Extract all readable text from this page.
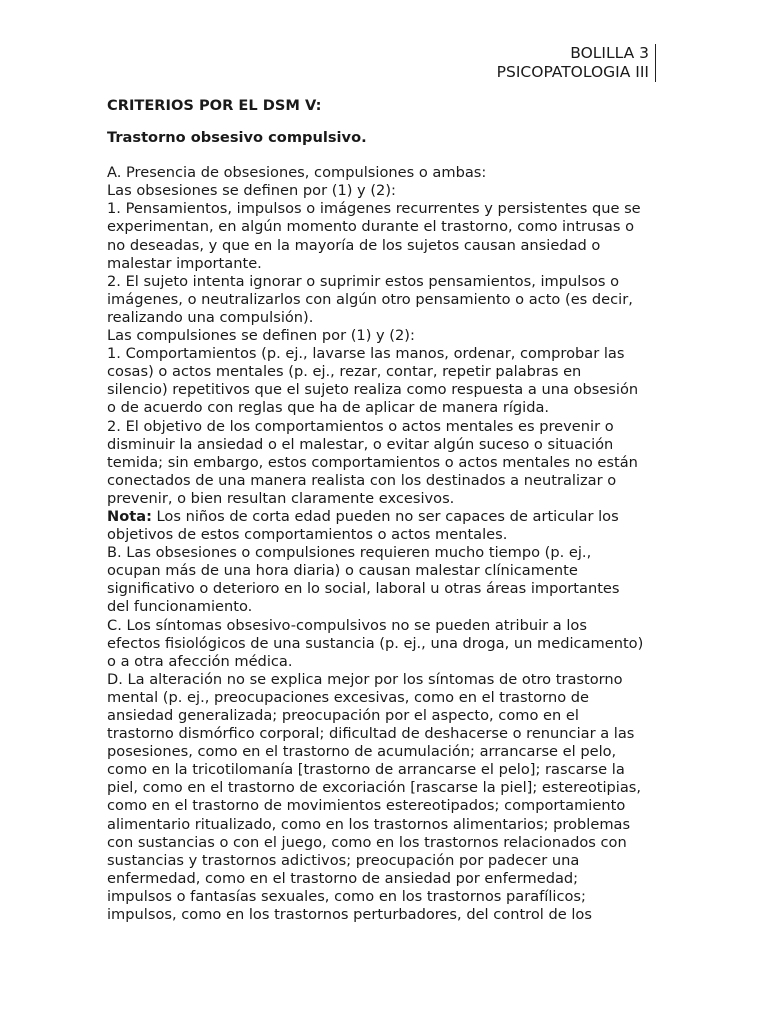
BOLILLA 3
PSICOPATOLOGIA III

CRITERIOS POR EL DSM V:

Trastorno obsesivo compulsivo.

A. Presencia de obsesiones, compulsiones o ambas:

Las obsesiones se definen por (1) y (2):

1. Pensamientos, impulsos o imágenes recurrentes y persistentes que se

experimentan, en algún momento durante el trastorno, como intrusas o

no deseadas, y que en la mayoría de los sujetos causan ansiedad o

malestar importante.

2. El sujeto intenta ignorar o suprimir estos pensamientos, impulsos o

imágenes, o neutralizarlos con algún otro pensamiento o acto (es decir,

realizando una compulsión).

Las compulsiones se definen por (1) y (2):

1. Comportamientos (p. ej., lavarse las manos, ordenar, comprobar las

cosas) o actos mentales (p. ej., rezar, contar, repetir palabras en

silencio) repetitivos que el sujeto realiza como respuesta a una obsesión

o de acuerdo con reglas que ha de aplicar de manera rígida.

2. El objetivo de los comportamientos o actos mentales es prevenir o

disminuir la ansiedad o el malestar, o evitar algún suceso o situación

temida; sin embargo, estos comportamientos o actos mentales no están

conectados de una manera realista con los destinados a neutralizar o

prevenir, o bien resultan claramente excesivos.

Nota: Los niños de corta edad pueden no ser capaces de articular los

objetivos de estos comportamientos o actos mentales.

B. Las obsesiones o compulsiones requieren mucho tiempo (p. ej.,

ocupan más de una hora diaria) o causan malestar clínicamente

significativo o deterioro en lo social, laboral u otras áreas importantes

del funcionamiento.

C. Los síntomas obsesivo-compulsivos no se pueden atribuir a los

efectos fisiológicos de una sustancia (p. ej., una droga, un medicamento)

o a otra afección médica.

D. La alteración no se explica mejor por los síntomas de otro trastorno

mental (p. ej., preocupaciones excesivas, como en el trastorno de

ansiedad generalizada; preocupación por el aspecto, como en el

trastorno dismórfico corporal; dificultad de deshacerse o renunciar a las

posesiones, como en el trastorno de acumulación; arrancarse el pelo,

como en la tricotilomanía [trastorno de arrancarse el pelo]; rascarse la

piel, como en el trastorno de excoriación [rascarse la piel]; estereotipias,

como en el trastorno de movimientos estereotipados; comportamiento

alimentario ritualizado, como en los trastornos alimentarios; problemas

con sustancias o con el juego, como en los trastornos relacionados con

sustancias y trastornos adictivos; preocupación por padecer una

enfermedad, como en el trastorno de ansiedad por enfermedad;

impulsos o fantasías sexuales, como en los trastornos parafílicos;

impulsos, como en los trastornos perturbadores, del control de los
